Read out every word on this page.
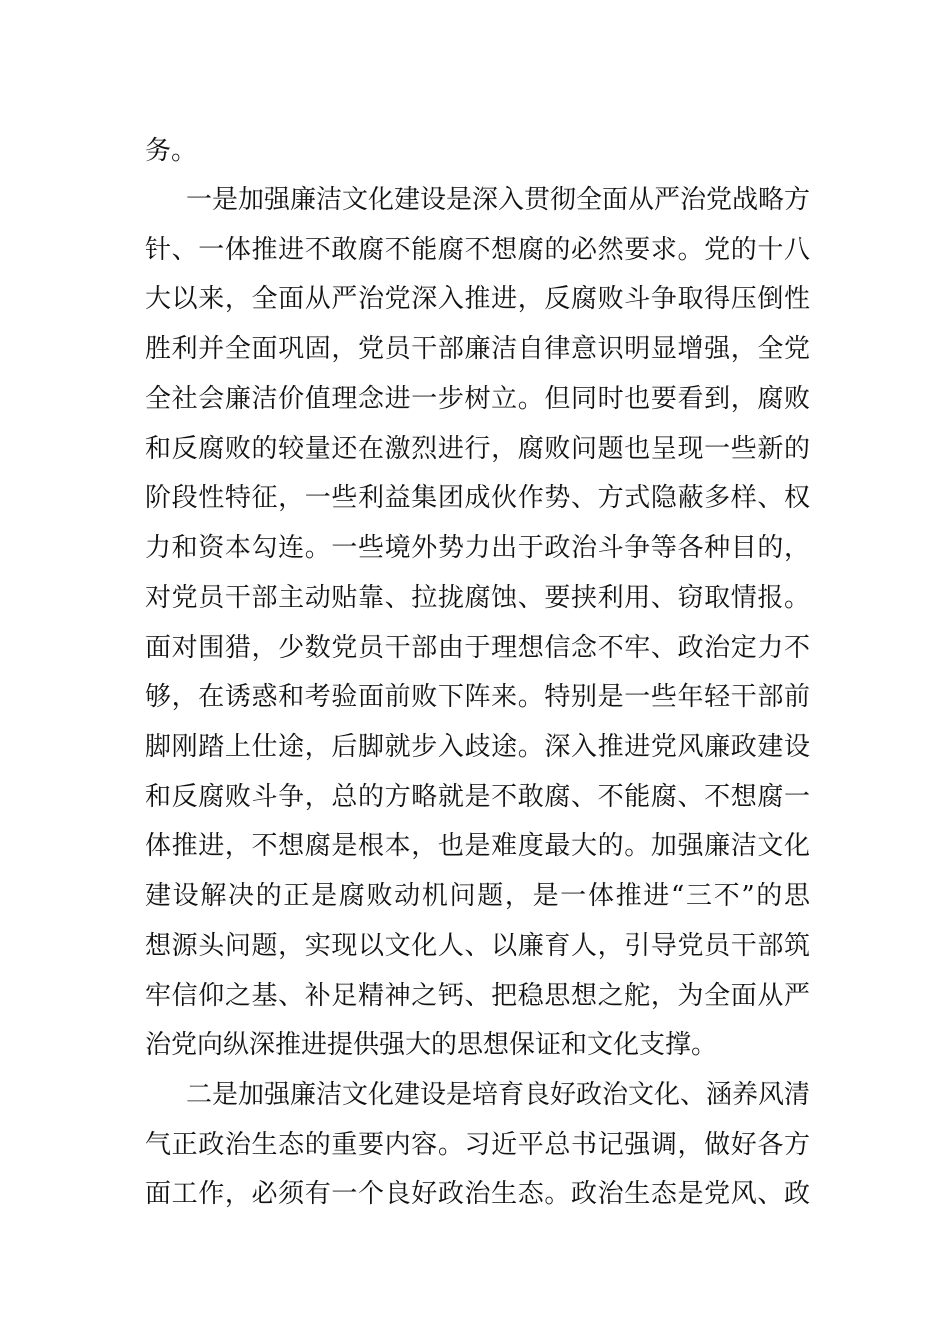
务。
一是加强廉洁文化建设是深入贯彻全面从严治党战略方
针、一体推进不敢腐不能腐不想腐的必然要求。党的十八
大以来，全面从严治党深入推进，反腐败斗争取得压倒性
胜利并全面巩固，党员干部廉洁自律意识明显增强，全党
全社会廉洁价值理念进一步树立。但同时也要看到，腐败
和反腐败的较量还在激烈进行，腐败问题也呈现一些新的
阶段性特征，一些利益集团成伙作势、方式隐蔽多样、权
力和资本勾连。一些境外势力出于政治斗争等各种目的，
对党员干部主动贴靠、拉拢腐蚀、要挟利用、窃取情报。
面对围猎，少数党员干部由于理想信念不牢、政治定力不
够，在诱惑和考验面前败下阵来。特别是一些年轻干部前
脚刚踏上仕途，后脚就步入歧途。深入推进党风廉政建设
和反腐败斗争，总的方略就是不敢腐、不能腐、不想腐一
体推进，不想腐是根本，也是难度最大的。加强廉洁文化
建设解决的正是腐败动机问题，是一体推进“三不”的思
想源头问题，实现以文化人、以廉育人，引导党员干部筑
牢信仰之基、补足精神之钙、把稳思想之舵，为全面从严
治党向纵深推进提供强大的思想保证和文化支撑。
二是加强廉洁文化建设是培育良好政治文化、涵养风清
气正政治生态的重要内容。习近平总书记强调，做好各方
面工作，必须有一个良好政治生态。政治生态是党风、政
